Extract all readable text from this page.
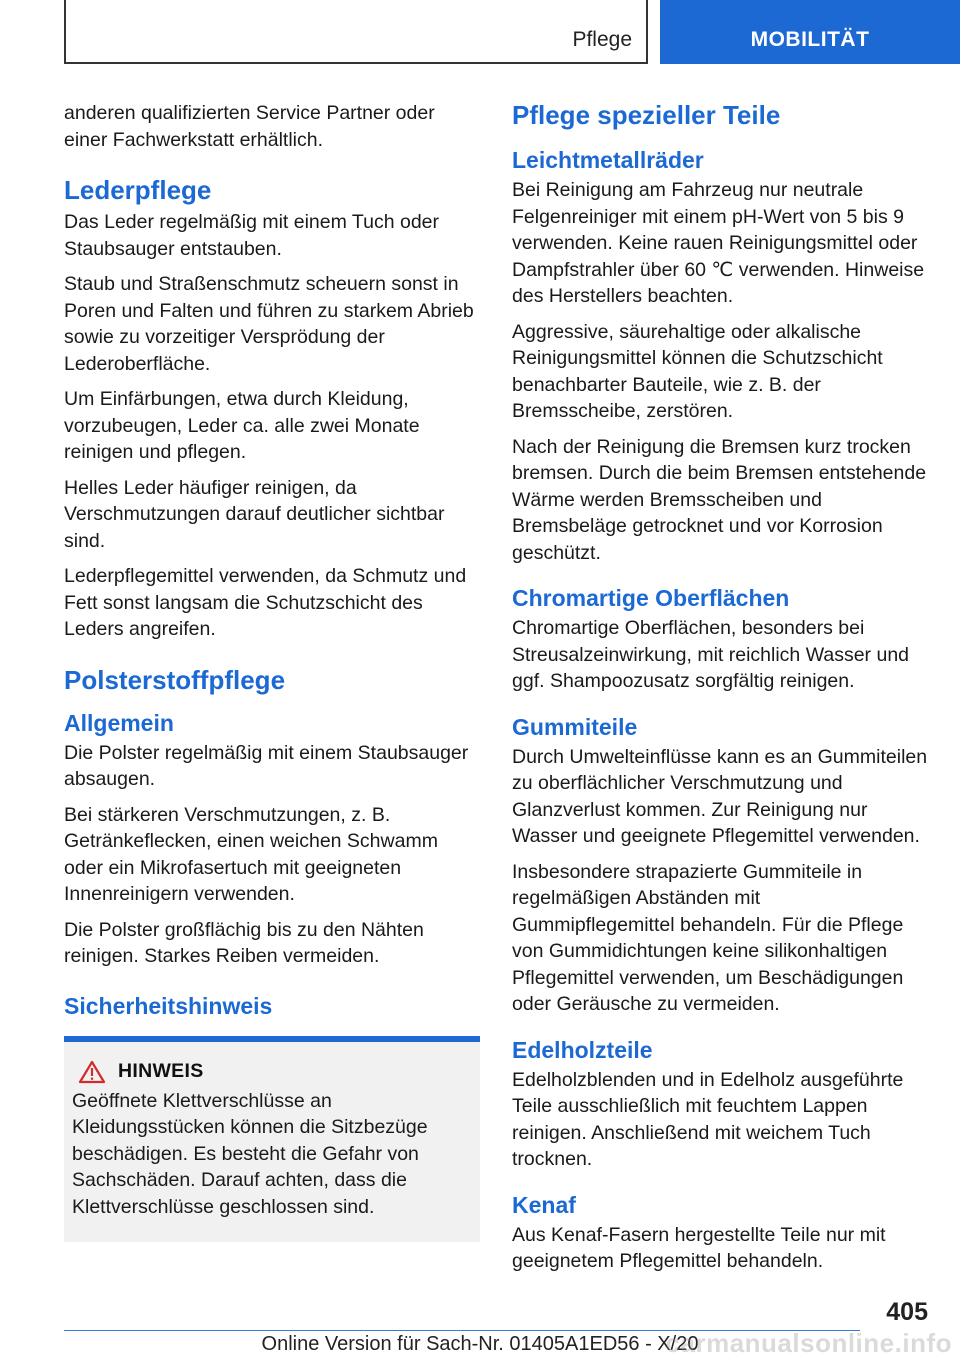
Pflege	MOBILITÄT

anderen qualifizierten Service Partner oder einer Fachwerkstatt erhältlich.

Lederpflege

Das Leder regelmäßig mit einem Tuch oder Staubsauger entstauben.

Staub und Straßenschmutz scheuern sonst in Poren und Falten und führen zu starkem Abrieb sowie zu vorzeitiger Versprödung der Lederoberfläche.

Um Einfärbungen, etwa durch Kleidung, vorzubeugen, Leder ca. alle zwei Monate reinigen und pflegen.

Helles Leder häufiger reinigen, da Verschmutzungen darauf deutlicher sichtbar sind.

Lederpflegemittel verwenden, da Schmutz und Fett sonst langsam die Schutzschicht des Leders angreifen.

Polsterstoffpflege
Allgemein

Die Polster regelmäßig mit einem Staubsauger absaugen.

Bei stärkeren Verschmutzungen, z. B. Getränkeflecken, einen weichen Schwamm oder ein Mikrofasertuch mit geeigneten Innenreinigern verwenden.

Die Polster großflächig bis zu den Nähten reinigen. Starkes Reiben vermeiden.

Sicherheitshinweis
HINWEIS

Geöffnete Klettverschlüsse an Kleidungsstücken können die Sitzbezüge beschädigen. Es besteht die Gefahr von Sachschäden. Darauf achten, dass die Klettverschlüsse geschlossen sind.

Pflege spezieller Teile
Leichtmetallräder

Bei Reinigung am Fahrzeug nur neutrale Felgenreiniger mit einem pH-Wert von 5 bis 9 verwenden. Keine rauen Reinigungsmittel oder Dampfstrahler über 60 ℃ verwenden. Hinweise des Herstellers beachten.

Aggressive, säurehaltige oder alkalische Reinigungsmittel können die Schutzschicht benachbarter Bauteile, wie z. B. der Bremsscheibe, zerstören.

Nach der Reinigung die Bremsen kurz trocken bremsen. Durch die beim Bremsen entstehende Wärme werden Bremsscheiben und Bremsbeläge getrocknet und vor Korrosion geschützt.

Chromartige Oberflächen

Chromartige Oberflächen, besonders bei Streusalzeinwirkung, mit reichlich Wasser und ggf. Shampoozusatz sorgfältig reinigen.

Gummiteile

Durch Umwelteinflüsse kann es an Gummiteilen zu oberflächlicher Verschmutzung und Glanzverlust kommen. Zur Reinigung nur Wasser und geeignete Pflegemittel verwenden.

Insbesondere strapazierte Gummiteile in regelmäßigen Abständen mit Gummipflegemittel behandeln. Für die Pflege von Gummidichtungen keine silikonhaltigen Pflegemittel verwenden, um Beschädigungen oder Geräusche zu vermeiden.

Edelholzteile

Edelholzblenden und in Edelholz ausgeführte Teile ausschließlich mit feuchtem Lappen reinigen. Anschließend mit weichem Tuch trocknen.

Kenaf

Aus Kenaf-Fasern hergestellte Teile nur mit geeignetem Pflegemittel behandeln.

405
Online Version für Sach-Nr. 01405A1ED56 - X/20
carmanualsonline.info
